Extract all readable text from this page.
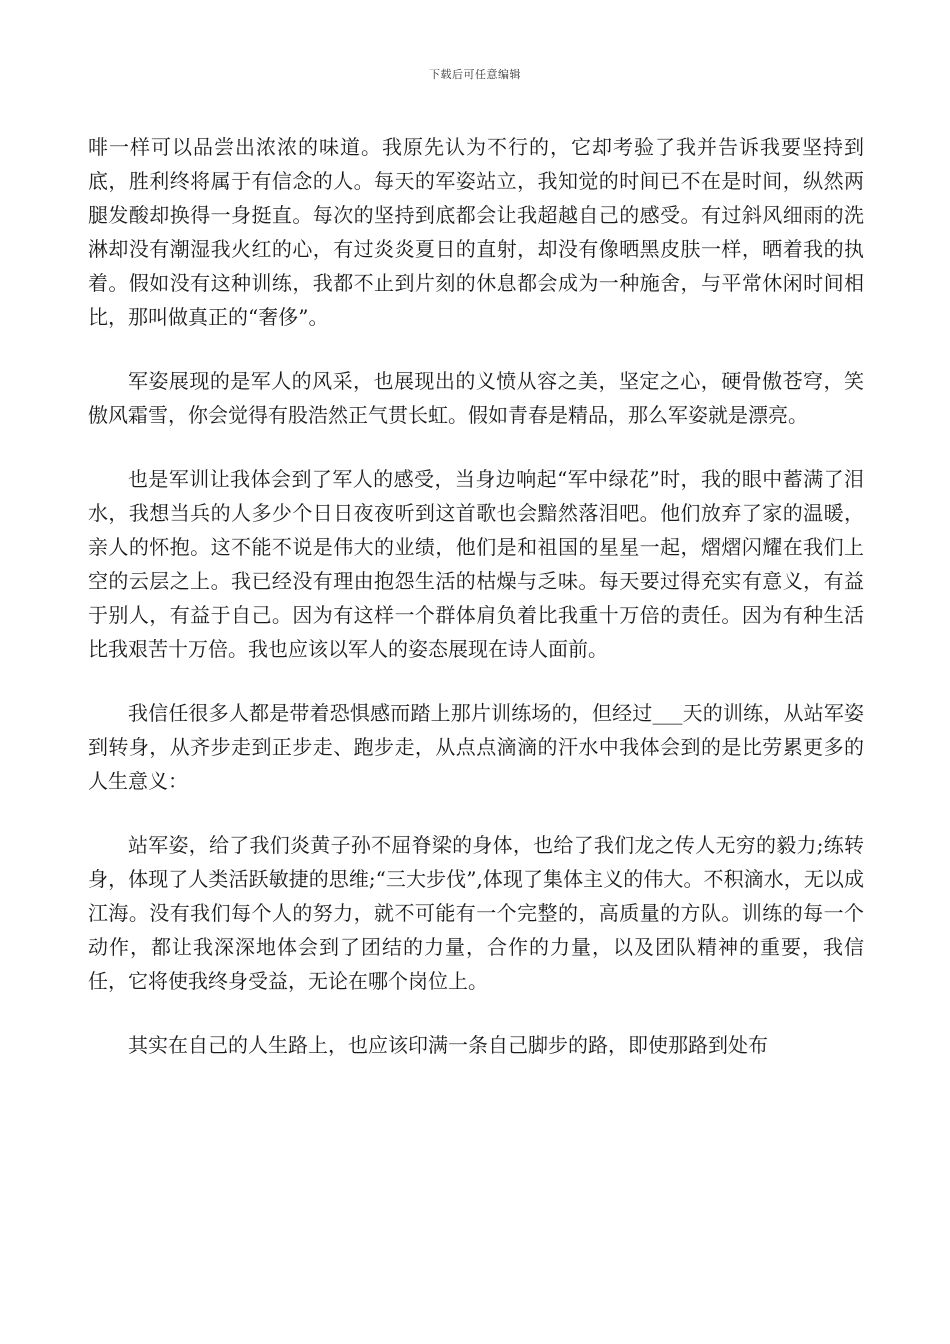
下载后可任意编辑

啡一样可以品尝出浓浓的味道。我原先认为不行的，它却考验了我并告诉我要坚持到底，胜利终将属于有信念的人。每天的军姿站立，我知觉的时间已不在是时间，纵然两腿发酸却换得一身挺直。每次的坚持到底都会让我超越自己的感受。有过斜风细雨的洗淋却没有潮湿我火红的心，有过炎炎夏日的直射，却没有像晒黑皮肤一样，晒着我的执着。假如没有这种训练，我都不止到片刻的休息都会成为一种施舍，与平常休闲时间相比，那叫做真正的“奢侈”。

军姿展现的是军人的风采，也展现出的义愤从容之美，坚定之心，硬骨傲苍穹，笑傲风霜雪，你会觉得有股浩然正气贯长虹。假如青春是精品，那么军姿就是漂亮。

也是军训让我体会到了军人的感受，当身边响起“军中绿花”时，我的眼中蓄满了泪水，我想当兵的人多少个日日夜夜听到这首歌也会黯然落泪吧。他们放弃了家的温暖，亲人的怀抱。这不能不说是伟大的业绩，他们是和祖国的星星一起，熠熠闪耀在我们上空的云层之上。我已经没有理由抱怨生活的枯燥与乏味。每天要过得充实有意义，有益于别人，有益于自己。因为有这样一个群体肩负着比我重十万倍的责任。因为有种生活比我艰苦十万倍。我也应该以军人的姿态展现在诗人面前。

我信任很多人都是带着恐惧感而踏上那片训练场的，但经过___天的训练，从站军姿到转身，从齐步走到正步走、跑步走，从点点滴滴的汗水中我体会到的是比劳累更多的人生意义：

站军姿，给了我们炎黄子孙不屈脊梁的身体，也给了我们龙之传人无穷的毅力;练转身，体现了人类活跃敏捷的思维;“三大步伐”,体现了集体主义的伟大。不积滴水，无以成江海。没有我们每个人的努力，就不可能有一个完整的，高质量的方队。训练的每一个动作，都让我深深地体会到了团结的力量，合作的力量，以及团队精神的重要，我信任，它将使我终身受益，无论在哪个岗位上。

其实在自己的人生路上，也应该印满一条自己脚步的路，即使那路到处布
